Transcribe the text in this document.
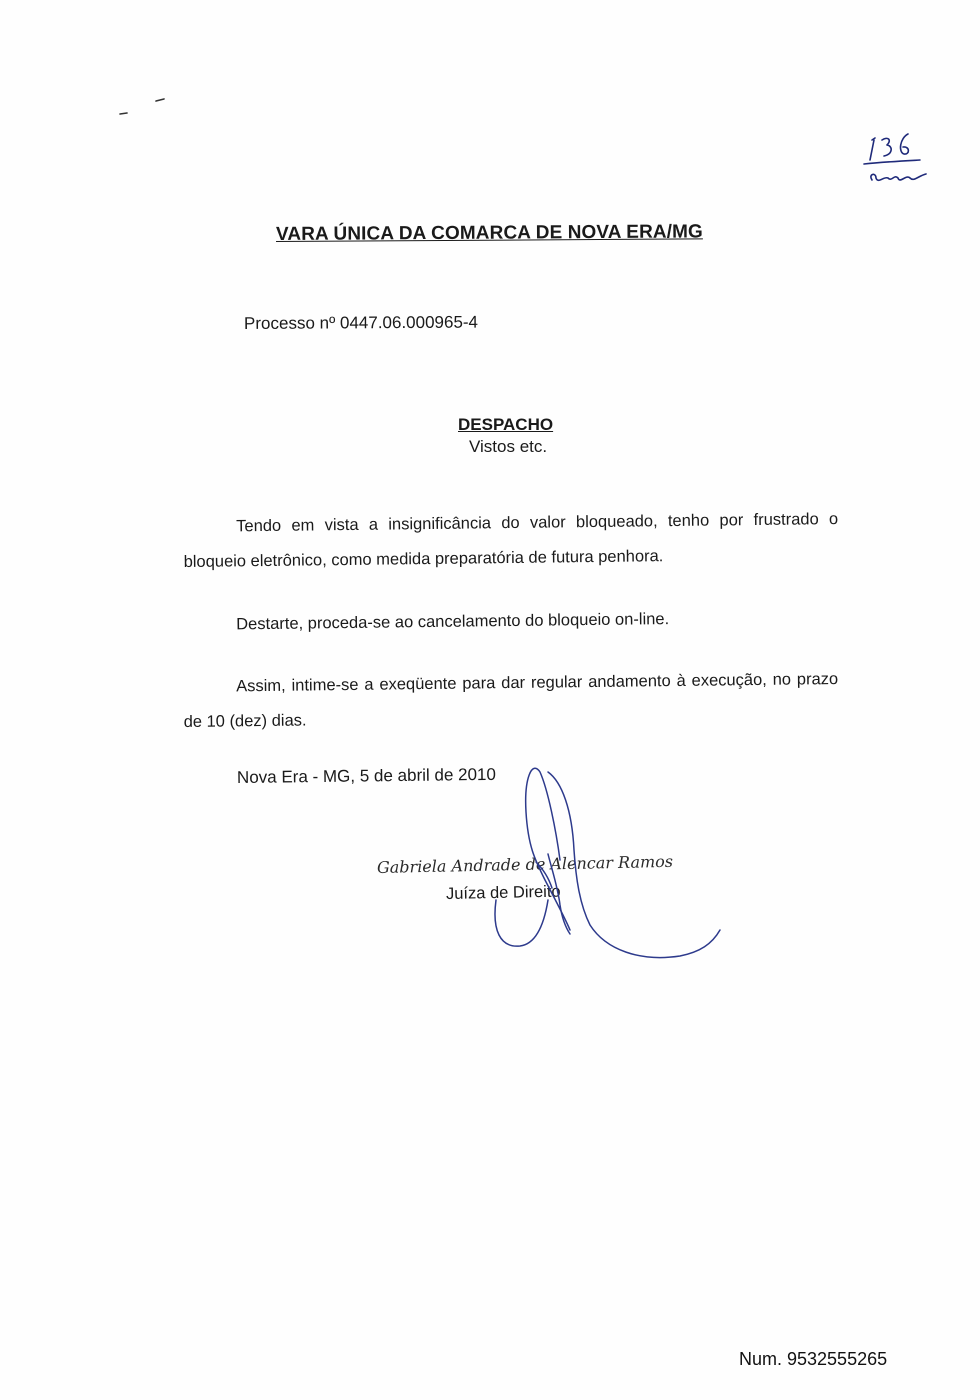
VARA ÚNICA DA COMARCA DE NOVA ERA/MG
Processo nº 0447.06.000965-4
DESPACHO
Vistos etc.
Tendo em vista a insignificância do valor bloqueado, tenho por frustrado o bloqueio eletrônico, como medida preparatória de futura penhora.
Destarte, proceda-se ao cancelamento do bloqueio on-line.
Assim, intime-se a exeqüente para dar regular andamento à execução, no prazo de 10 (dez) dias.
Nova Era - MG, 5 de abril de 2010
Gabriela Andrade de Alencar Ramos
Juíza de Direito
Num. 9532555265
